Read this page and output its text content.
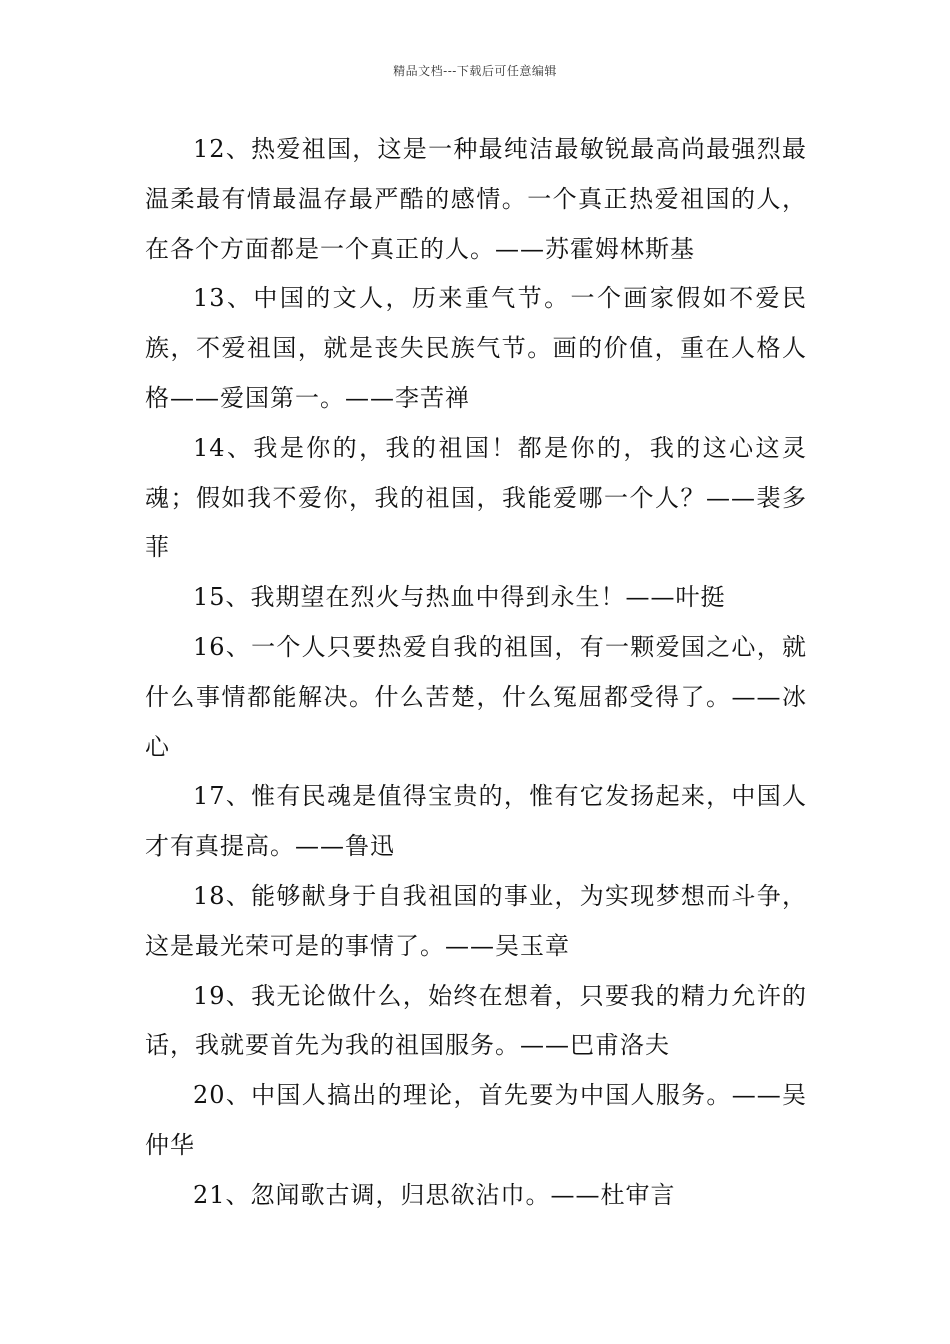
精品文档---下载后可任意编辑

12、热爱祖国，这是一种最纯洁最敏锐最高尚最强烈最温柔最有情最温存最严酷的感情。一个真正热爱祖国的人，在各个方面都是一个真正的人。——苏霍姆林斯基

13、中国的文人，历来重气节。一个画家假如不爱民族，不爱祖国，就是丧失民族气节。画的价值，重在人格人格——爱国第一。——李苦禅

14、我是你的，我的祖国！都是你的，我的这心这灵魂；假如我不爱你，我的祖国，我能爱哪一个人？——裴多菲

15、我期望在烈火与热血中得到永生！——叶挺

16、一个人只要热爱自我的祖国，有一颗爱国之心，就什么事情都能解决。什么苦楚，什么冤屈都受得了。——冰心

17、惟有民魂是值得宝贵的，惟有它发扬起来，中国人才有真提高。——鲁迅

18、能够献身于自我祖国的事业，为实现梦想而斗争，这是最光荣可是的事情了。——吴玉章

19、我无论做什么，始终在想着，只要我的精力允许的话，我就要首先为我的祖国服务。——巴甫洛夫

20、中国人搞出的理论，首先要为中国人服务。——吴仲华

21、忽闻歌古调，归思欲沾巾。——杜审言
